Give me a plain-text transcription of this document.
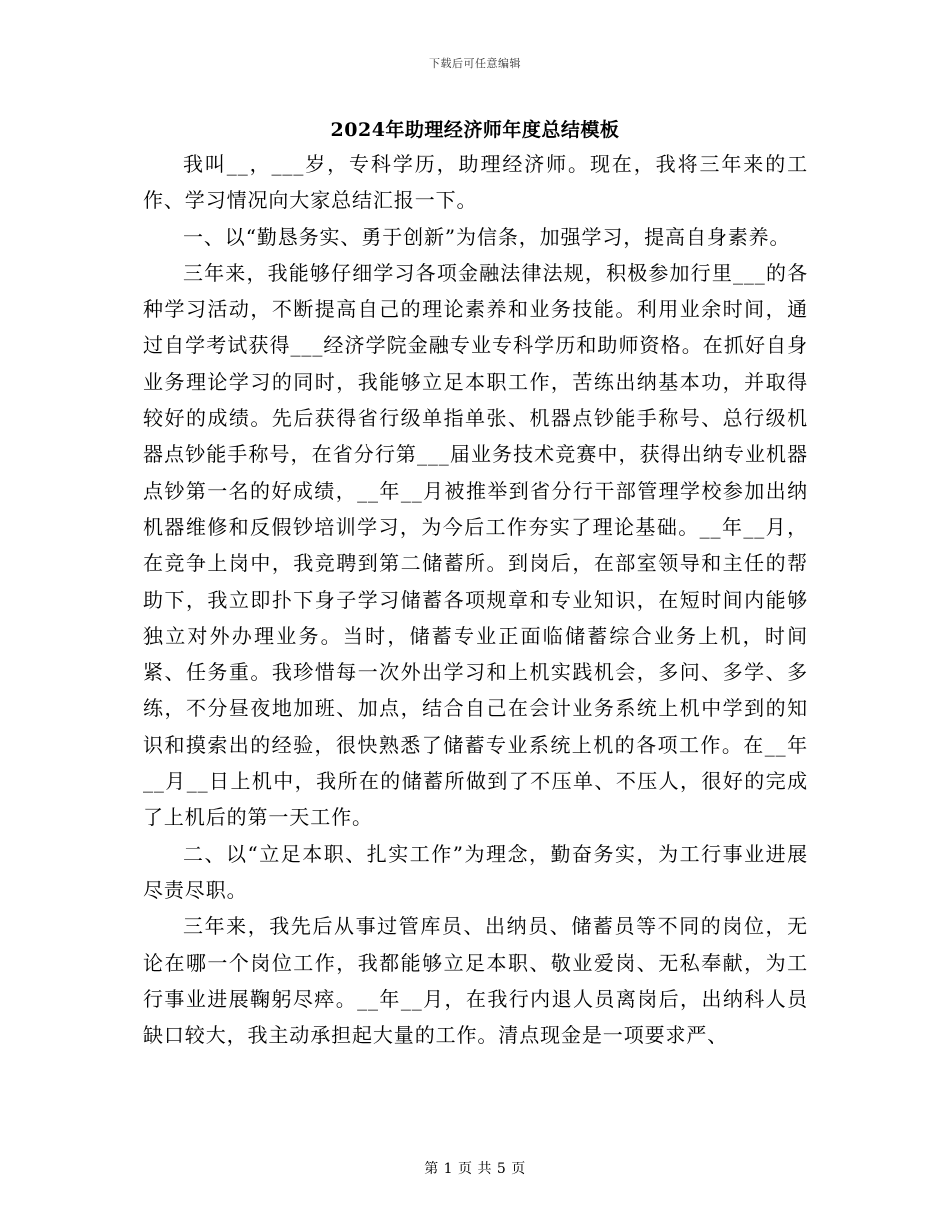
下载后可任意编辑
2024年助理经济师年度总结模板

我叫__，___岁，专科学历，助理经济师。现在，我将三年来的工作、学习情况向大家总结汇报一下。

一、以“勤恳务实、勇于创新”为信条，加强学习，提高自身素养。

三年来，我能够仔细学习各项金融法律法规，积极参加行里___的各种学习活动，不断提高自己的理论素养和业务技能。利用业余时间，通过自学考试获得___经济学院金融专业专科学历和助师资格。在抓好自身业务理论学习的同时，我能够立足本职工作，苦练出纳基本功，并取得较好的成绩。先后获得省行级单指单张、机器点钞能手称号、总行级机器点钞能手称号，在省分行第___届业务技术竞赛中，获得出纳专业机器点钞第一名的好成绩，__年__月被推举到省分行干部管理学校参加出纳机器维修和反假钞培训学习，为今后工作夯实了理论基础。__年__月，在竞争上岗中，我竞聘到第二储蓄所。到岗后，在部室领导和主任的帮助下，我立即扑下身子学习储蓄各项规章和专业知识，在短时间内能够独立对外办理业务。当时，储蓄专业正面临储蓄综合业务上机，时间紧、任务重。我珍惜每一次外出学习和上机实践机会，多问、多学、多练，不分昼夜地加班、加点，结合自己在会计业务系统上机中学到的知识和摸索出的经验，很快熟悉了储蓄专业系统上机的各项工作。在__年__月__日上机中，我所在的储蓄所做到了不压单、不压人，很好的完成了上机后的第一天工作。

二、以“立足本职、扎实工作”为理念，勤奋务实，为工行事业进展尽责尽职。

三年来，我先后从事过管库员、出纳员、储蓄员等不同的岗位，无论在哪一个岗位工作，我都能够立足本职、敬业爱岗、无私奉献，为工行事业进展鞠躬尽瘁。__年__月，在我行内退人员离岗后，出纳科人员缺口较大，我主动承担起大量的工作。清点现金是一项要求严、

第 1 页 共 5 页
